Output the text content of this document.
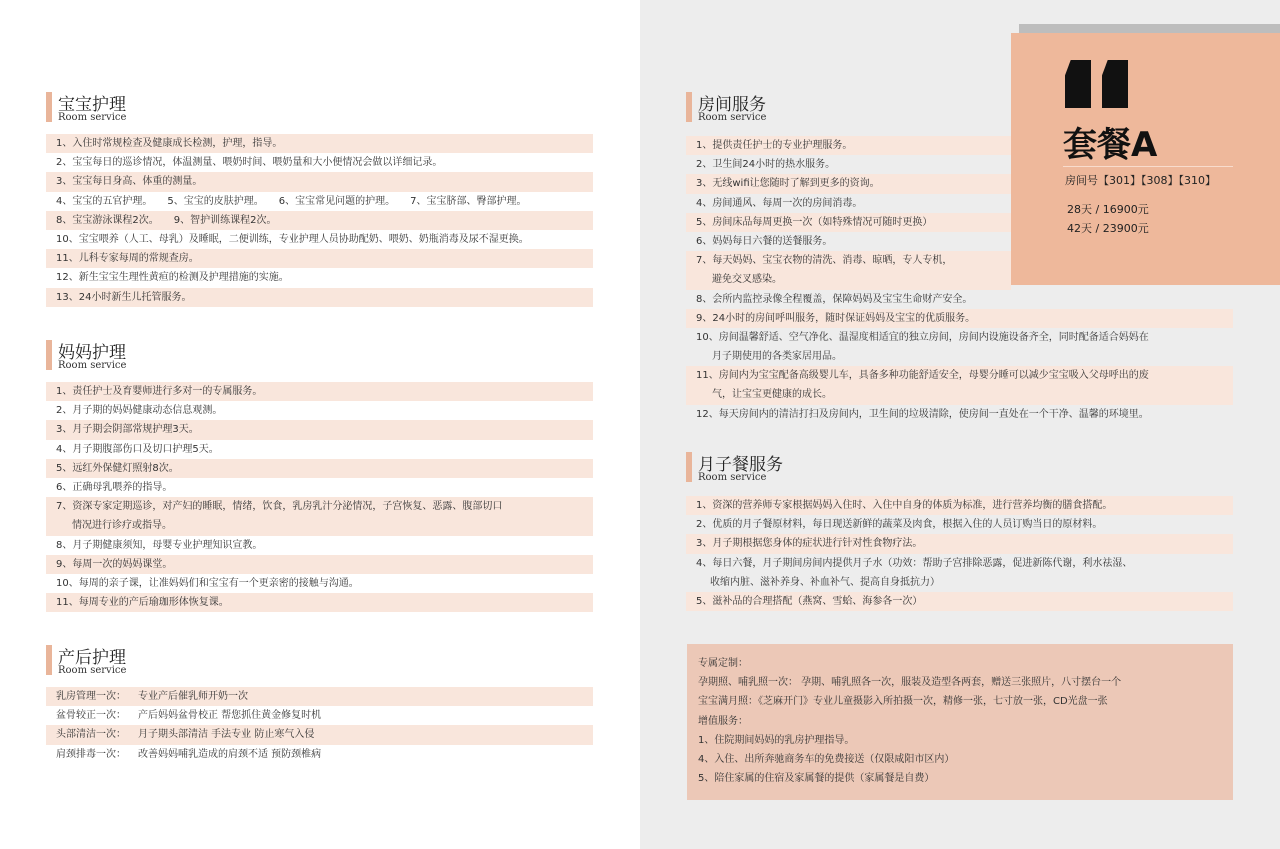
宝宝护理
Room service
1、入住时常规检查及健康成长检测，护理，指导。
2、宝宝每日的巡诊情况，体温测量、喂奶时间、喂奶量和大小便情况会做以详细记录。
3、宝宝每日身高、体重的测量。
4、宝宝的五官护理。　　5、宝宝的皮肤护理。　　6、宝宝常见问题的护理。　　7、宝宝脐部、臀部护理。
8、宝宝游泳课程2次。　　9、智护训练课程2次。
10、宝宝喂养（人工、母乳）及睡眠，二便训练，专业护理人员协助配奶、喂奶、奶瓶消毒及尿不湿更换。
11、儿科专家每周的常规查房。
12、新生宝宝生理性黄疸的检测及护理措施的实施。
13、24小时新生儿托管服务。
妈妈护理
Room service
1、责任护士及育婴师进行多对一的专属服务。
2、月子期的妈妈健康动态信息观测。
3、月子期会阴部常规护理3天。
4、月子期腹部伤口及切口护理5天。
5、远红外保健灯照射8次。
6、正确母乳喂养的指导。
7、资深专家定期巡诊，对产妇的睡眠，情绪，饮食，乳房乳汁分泌情况，子宫恢复、恶露、腹部切口
情况进行诊疗或指导。
8、月子期健康须知，母婴专业护理知识宣教。
9、每周一次的妈妈课堂。
10、每周的亲子课，让准妈妈们和宝宝有一个更亲密的接触与沟通。
11、每周专业的产后瑜珈形体恢复课。
产后护理
Room service
乳房管理一次： 专业产后催乳师开奶一次
盆骨较正一次： 产后妈妈盆骨校正 帮您抓住黄金修复时机
头部清洁一次： 月子期头部清洁 手法专业 防止寒气入侵
肩颈排毒一次： 改善妈妈哺乳造成的肩颈不适 预防颈椎病
套餐A
房间号【301】【308】【310】
28天 / 16900元
42天 / 23900元
房间服务
Room service
1、提供责任护士的专业护理服务。
2、卫生间24小时的热水服务。
3、无线wifi让您随时了解到更多的资询。
4、房间通风、每周一次的房间消毒。
5、房间床品每周更换一次（如特殊情况可随时更换）
6、妈妈每日六餐的送餐服务。
7、每天妈妈、宝宝衣物的清洗、消毒、晾晒，专人专机，
避免交叉感染。
8、会所内监控录像全程覆盖，保障妈妈及宝宝生命财产安全。
9、24小时的房间呼叫服务，随时保证妈妈及宝宝的优质服务。
10、房间温馨舒适、空气净化、温湿度相适宜的独立房间，房间内设施设备齐全，同时配备适合妈妈在
月子期使用的各类家居用品。
11、房间内为宝宝配备高级婴儿车，具备多种功能舒适安全，母婴分睡可以减少宝宝吸入父母呼出的废
气，让宝宝更健康的成长。
12、每天房间内的清洁打扫及房间内，卫生间的垃圾清除，使房间一直处在一个干净、温馨的环境里。
月子餐服务
Room service
1、资深的营养师专家根据妈妈入住时、入住中自身的体质为标准，进行营养均衡的膳食搭配。
2、优质的月子餐原材料，每日现送新鲜的蔬菜及肉食，根据入住的人员订购当日的原材料。
3、月子期根据您身体的症状进行针对性食物疗法。
4、每日六餐，月子期间房间内提供月子水（功效：帮助子宫排除恶露，促进新陈代谢，利水祛湿、
收缩内脏、滋补养身、补血补气、提高自身抵抗力）
5、滋补品的合理搭配（燕窝、雪蛤、海参各一次）
专属定制：
孕期照、哺乳照一次： 孕期、哺乳照各一次，服装及造型各两套，赠送三张照片，八寸摆台一个
宝宝满月照：《芝麻开门》专业儿童摄影入所拍摄一次，精修一张，七寸放一张，CD光盘一张
增值服务：
1、住院期间妈妈的乳房护理指导。
4、入住、出所奔驰商务车的免费接送（仅限咸阳市区内）
5、陪住家属的住宿及家属餐的提供（家属餐是自费）
